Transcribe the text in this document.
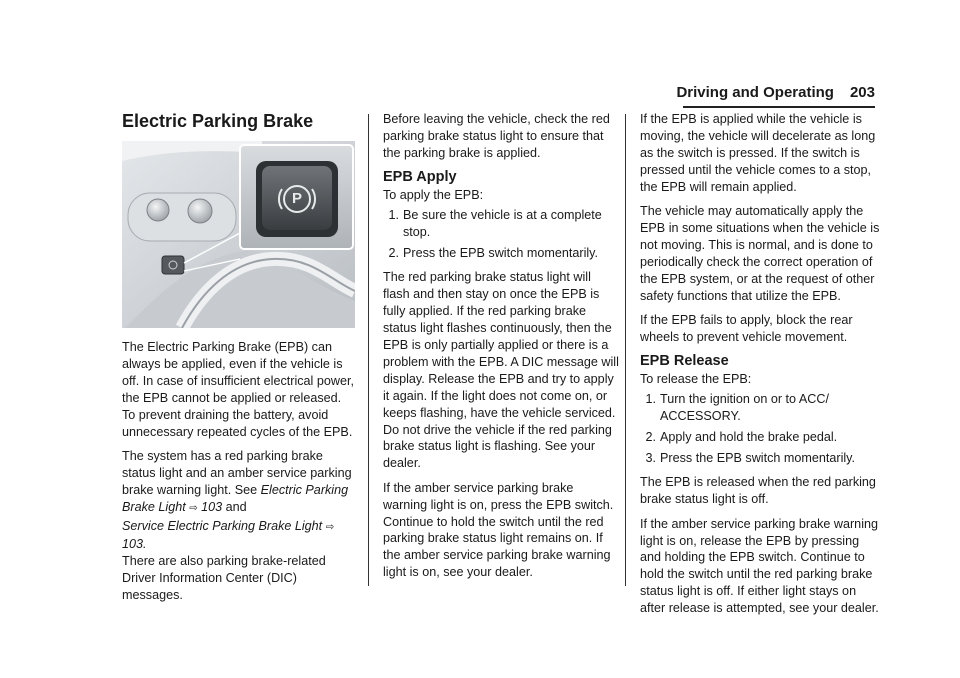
Driving and Operating 203
Electric Parking Brake
P

The Electric Parking Brake (EPB) can always be applied, even if the vehicle is off. In case of insufficient electrical power, the EPB cannot be applied or released. To prevent draining the battery, avoid unnecessary repeated cycles of the EPB.

The system has a red parking brake status light and an amber service parking brake warning light. See Electric Parking Brake Light ⇨ 103 and
Service Electric Parking Brake Light ⇨ 103.
There are also parking brake-related Driver Information Center (DIC) messages.

Before leaving the vehicle, check the red parking brake status light to ensure that the parking brake is applied.

EPB Apply

To apply the EPB:

1. Be sure the vehicle is at a complete stop.
2. Press the EPB switch momentarily.

The red parking brake status light will flash and then stay on once the EPB is fully applied. If the red parking brake status light flashes continuously, then the EPB is only partially applied or there is a problem with the EPB. A DIC message will display. Release the EPB and try to apply it again. If the light does not come on, or keeps flashing, have the vehicle serviced. Do not drive the vehicle if the red parking brake status light is flashing. See your dealer.

If the amber service parking brake warning light is on, press the EPB switch. Continue to hold the switch until the red parking brake status light remains on. If the amber service parking brake warning light is on, see your dealer.

If the EPB is applied while the vehicle is moving, the vehicle will decelerate as long as the switch is pressed. If the switch is pressed until the vehicle comes to a stop, the EPB will remain applied.

The vehicle may automatically apply the EPB in some situations when the vehicle is not moving. This is normal, and is done to periodically check the correct operation of the EPB system, or at the request of other safety functions that utilize the EPB.

If the EPB fails to apply, block the rear wheels to prevent vehicle movement.

EPB Release

To release the EPB:

1. Turn the ignition on or to ACC/ ACCESSORY.
2. Apply and hold the brake pedal.
3. Press the EPB switch momentarily.

The EPB is released when the red parking brake status light is off.

If the amber service parking brake warning light is on, release the EPB by pressing and holding the EPB switch. Continue to hold the switch until the red parking brake status light is off. If either light stays on after release is attempted, see your dealer.
